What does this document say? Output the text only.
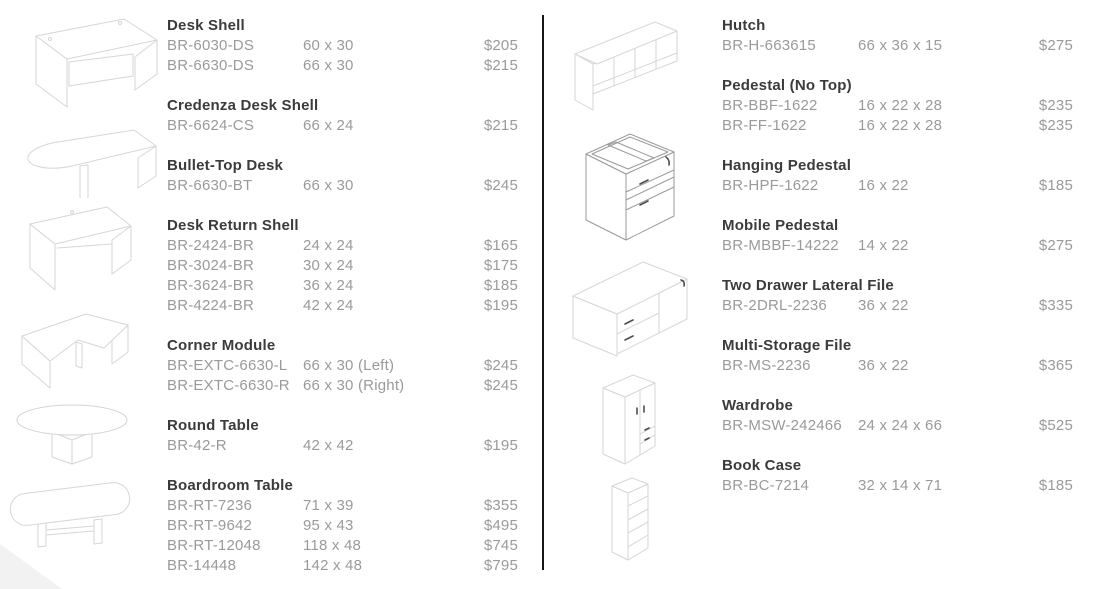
Desk Shell
BR-6030-DS	60 x 30	$205
BR-6630-DS	66 x 30	$215
Credenza Desk Shell
BR-6624-CS	66 x 24	$215
Bullet-Top Desk
BR-6630-BT	66 x 30	$245
Desk Return Shell
BR-2424-BR	24 x 24	$165
BR-3024-BR	30 x 24	$175
BR-3624-BR	36 x 24	$185
BR-4224-BR	42 x 24	$195
Corner Module
BR-EXTC-6630-L	66 x 30 (Left)	$245
BR-EXTC-6630-R 66 x 30 (Right)	$245
Round Table
BR-42-R	42 x 42	$195
Boardroom Table
BR-RT-7236	71 x 39	$355
BR-RT-9642	95 x 43	$495
BR-RT-12048	118 x 48	$745
BR-14448	142 x 48	$795
Hutch
BR-H-663615	66 x 36 x 15	$275
Pedestal (No Top)
BR-BBF-1622	16 x 22 x 28	$235
BR-FF-1622	16 x 22 x 28	$235
Hanging Pedestal
BR-HPF-1622	16 x 22	$185
Mobile Pedestal
BR-MBBF-14222	14 x 22	$275
Two Drawer Lateral File
BR-2DRL-2236	36 x 22	$335
Multi-Storage File
BR-MS-2236	36 x 22	$365
Wardrobe
BR-MSW-242466	24 x 24 x 66	$525
Book Case
BR-BC-7214	32 x 14 x 71	$185
